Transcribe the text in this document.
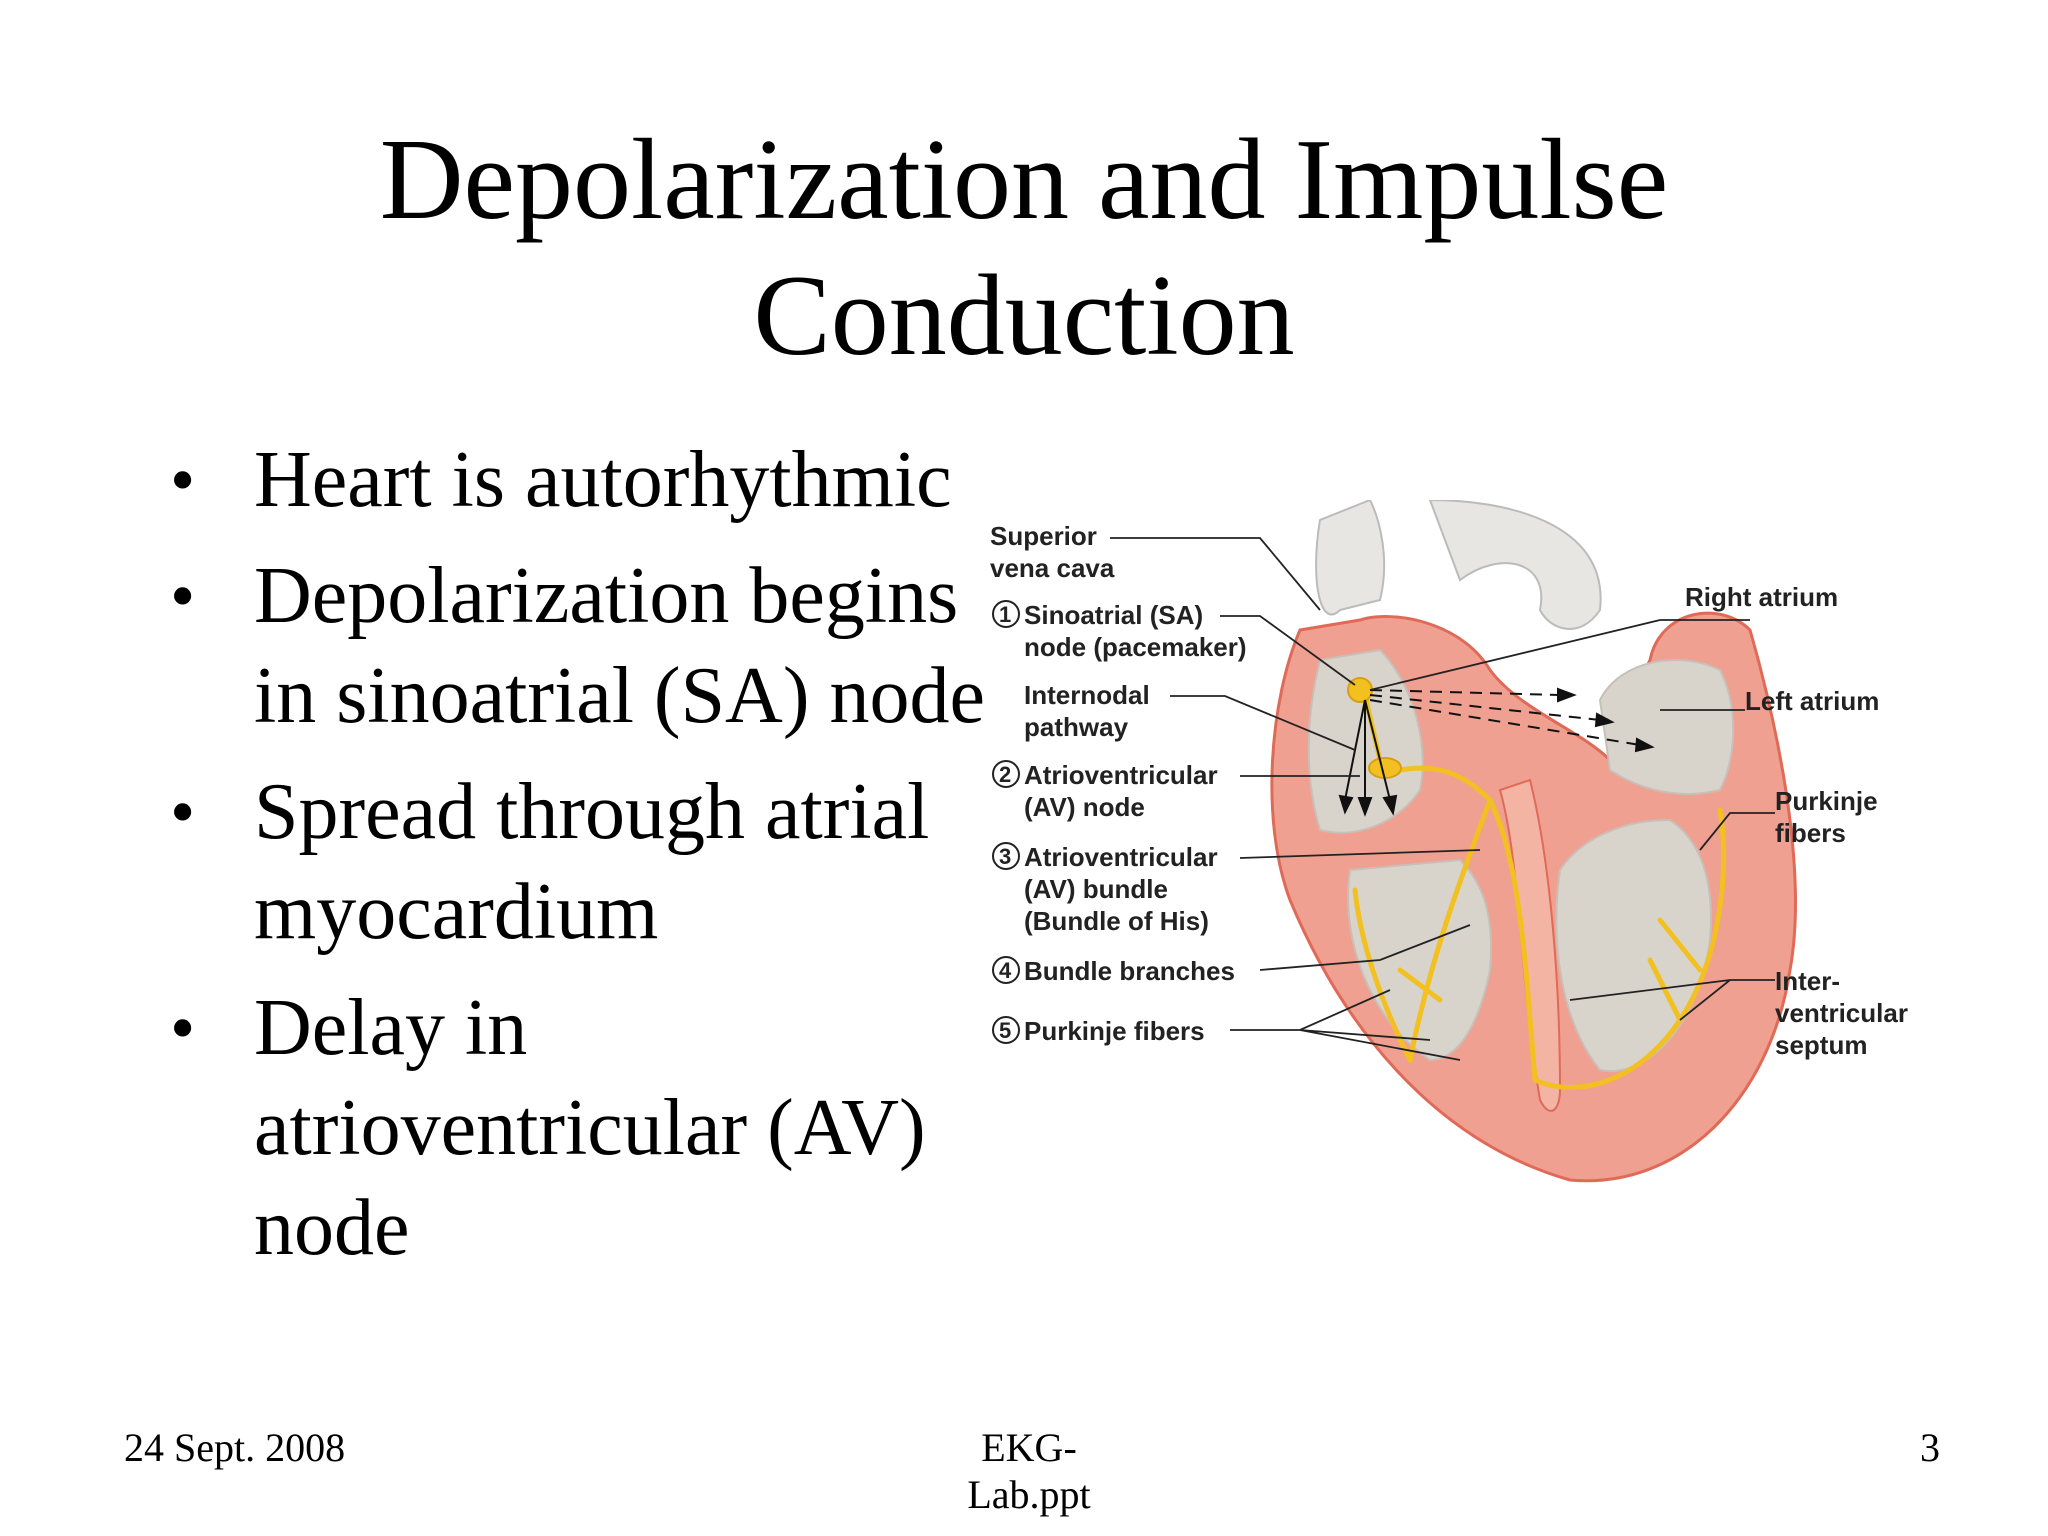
Depolarization and Impulse Conduction
• Heart is autorhythmic
• Depolarization begins in sinoatrial (SA) node
• Spread through atrial myocardium
• Delay in atrioventricular (AV) node
Superior vena cava
1 Sinoatrial (SA) node (pacemaker)
Internodal pathway
2 Atrioventricular (AV) node
3 Atrioventricular (AV) bundle (Bundle of His)
4 Bundle branches
5 Purkinje fibers
Right atrium
Left atrium
Purkinje fibers
Inter-ventricular septum
24 Sept. 2008	EKG-Lab.ppt
3
